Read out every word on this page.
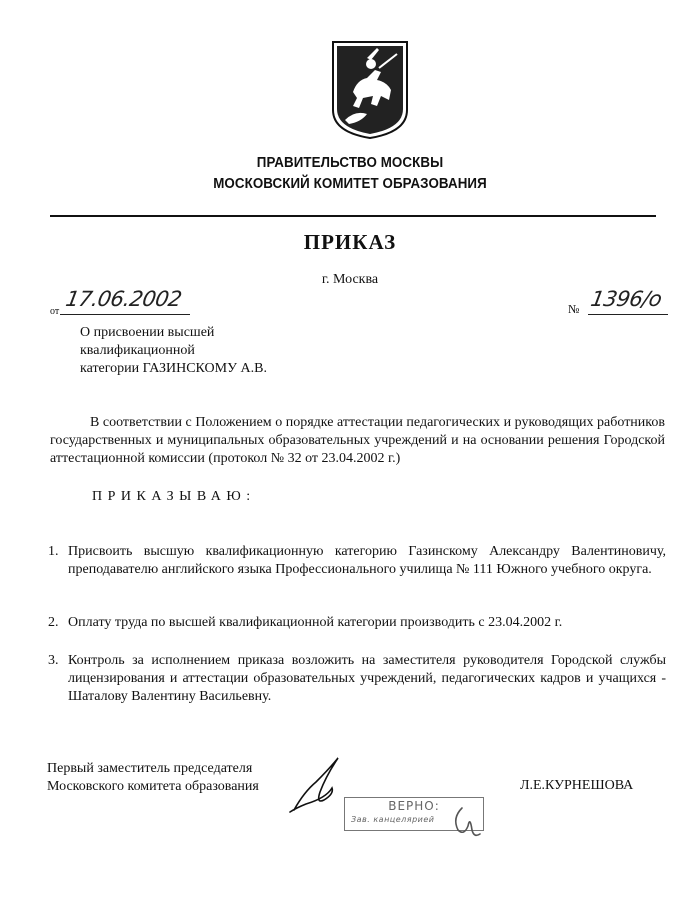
ПРАВИТЕЛЬСТВО МОСКВЫ
МОСКОВСКИЙ КОМИТЕТ ОБРАЗОВАНИЯ
ПРИКАЗ
г. Москва
от
17.06.2002	№ 1396/о
О присвоении высшей
квалификационной
категории ГАЗИНСКОМУ А.В.
В соответствии с Положением о порядке аттестации педагогических и руководящих работников государственных и муниципальных образовательных учреждений и на основании решения Городской аттестационной комиссии (протокол № 32 от 23.04.2002 г.)
ПРИКАЗЫВАЮ:
1. Присвоить высшую квалификационную категорию Газинскому Александру Валентиновичу, преподавателю английского языка Профессионального училища № 111 Южного учебного округа.
2. Оплату труда по высшей квалификационной категории производить с 23.04.2002 г.
3. Контроль за исполнением приказа возложить на заместителя руководителя Городской службы лицензирования и аттестации образовательных учреждений, педагогических кадров и учащихся - Шаталову Валентину Васильевну.
Первый заместитель председателя
Московского комитета образования	Л.Е.КУРНЕШОВА
ВЕРНО:
Зав. канцелярией
